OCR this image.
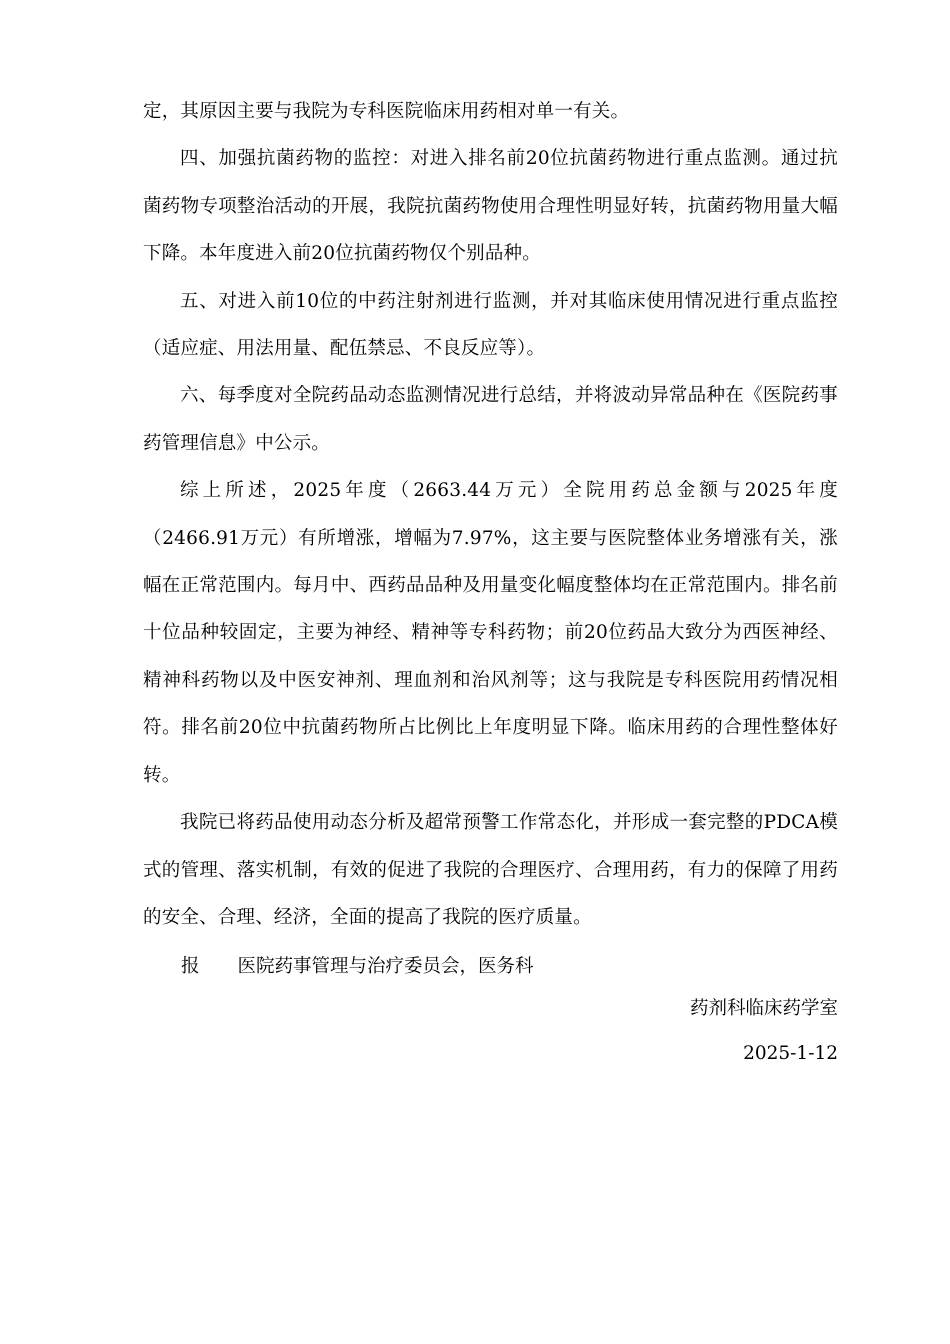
定，其原因主要与我院为专科医院临床用药相对单一有关。

四、加强抗菌药物的监控：对进入排名前20位抗菌药物进行重点监测。通过抗菌药物专项整治活动的开展，我院抗菌药物使用合理性明显好转，抗菌药物用量大幅下降。本年度进入前20位抗菌药物仅个别品种。

五、对进入前10位的中药注射剂进行监测，并对其临床使用情况进行重点监控（适应症、用法用量、配伍禁忌、不良反应等）。

六、每季度对全院药品动态监测情况进行总结，并将波动异常品种在《医院药事药管理信息》中公示。

综上所述，2025年度（2663.44万元）全院用药总金额与2025年度（2466.91万元）有所增涨，增幅为7.97%，这主要与医院整体业务增涨有关，涨幅在正常范围内。每月中、西药品品种及用量变化幅度整体均在正常范围内。排名前十位品种较固定，主要为神经、精神等专科药物；前20位药品大致分为西医神经、精神科药物以及中医安神剂、理血剂和治风剂等；这与我院是专科医院用药情况相符。排名前20位中抗菌药物所占比例比上年度明显下降。临床用药的合理性整体好转。

我院已将药品使用动态分析及超常预警工作常态化，并形成一套完整的PDCA模式的管理、落实机制，有效的促进了我院的合理医疗、合理用药，有力的保障了用药的安全、合理、经济，全面的提高了我院的医疗质量。

报 医院药事管理与治疗委员会，医务科
药剂科临床药学室
2025-1-12
